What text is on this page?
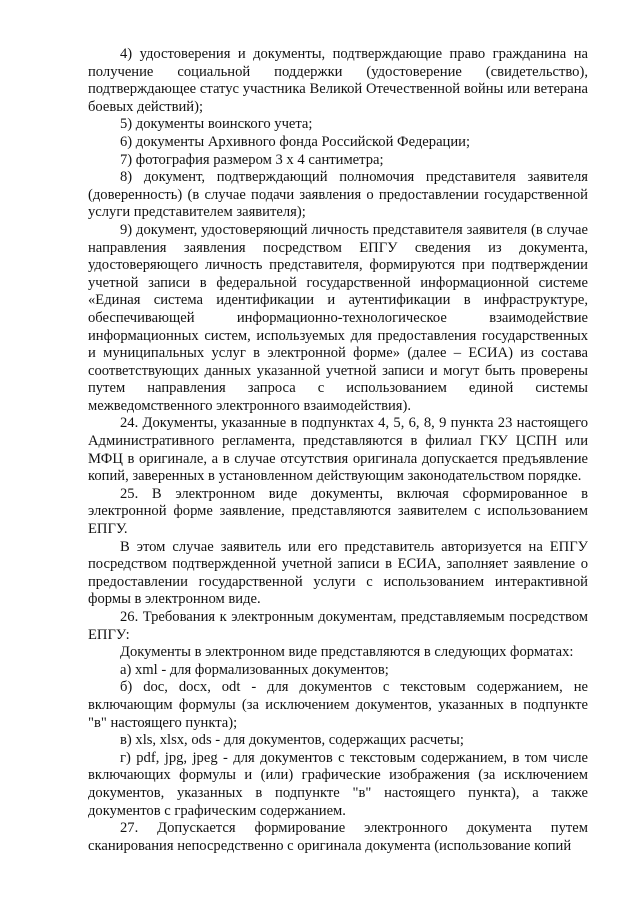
4) удостоверения и документы, подтверждающие право гражданина на получение социальной поддержки (удостоверение (свидетельство), подтверждающее статус участника Великой Отечественной войны или ветерана боевых действий);

5) документы воинского учета;

6) документы Архивного фонда Российской Федерации;

7) фотография размером 3 х 4 сантиметра;

8) документ, подтверждающий полномочия представителя заявителя (доверенность) (в случае подачи заявления о предоставлении государственной услуги представителем заявителя);

9) документ, удостоверяющий личность представителя заявителя (в случае направления заявления посредством ЕПГУ сведения из документа, удостоверяющего личность представителя, формируются при подтверждении учетной записи в федеральной государственной информационной системе «Единая система идентификации и аутентификации в инфраструктуре, обеспечивающей информационно-технологическое взаимодействие информационных систем, используемых для предоставления государственных и муниципальных услуг в электронной форме» (далее – ЕСИА) из состава соответствующих данных указанной учетной записи и могут быть проверены путем направления запроса с использованием единой системы межведомственного электронного взаимодействия).

24. Документы, указанные в подпунктах 4, 5, 6, 8, 9 пункта 23 настоящего Административного регламента, представляются в филиал ГКУ ЦСПН или МФЦ в оригинале, а в случае отсутствия оригинала допускается предъявление копий, заверенных в установленном действующим законодательством порядке.

25. В электронном виде документы, включая сформированное в электронной форме заявление, представляются заявителем с использованием ЕПГУ.

В этом случае заявитель или его представитель авторизуется на ЕПГУ посредством подтвержденной учетной записи в ЕСИА, заполняет заявление о предоставлении государственной услуги с использованием интерактивной формы в электронном виде.

26. Требования к электронным документам, представляемым посредством ЕПГУ:

Документы в электронном виде представляются в следующих форматах:

а) xml - для формализованных документов;

б) doc, docx, odt - для документов с текстовым содержанием, не включающим формулы (за исключением документов, указанных в подпункте "в" настоящего пункта);

в) xls, xlsx, ods - для документов, содержащих расчеты;

г) pdf, jpg, jpeg - для документов с текстовым содержанием, в том числе включающих формулы и (или) графические изображения (за исключением документов, указанных в подпункте "в" настоящего пункта), а также документов с графическим содержанием.

27. Допускается формирование электронного документа путем сканирования непосредственно с оригинала документа (использование копий
